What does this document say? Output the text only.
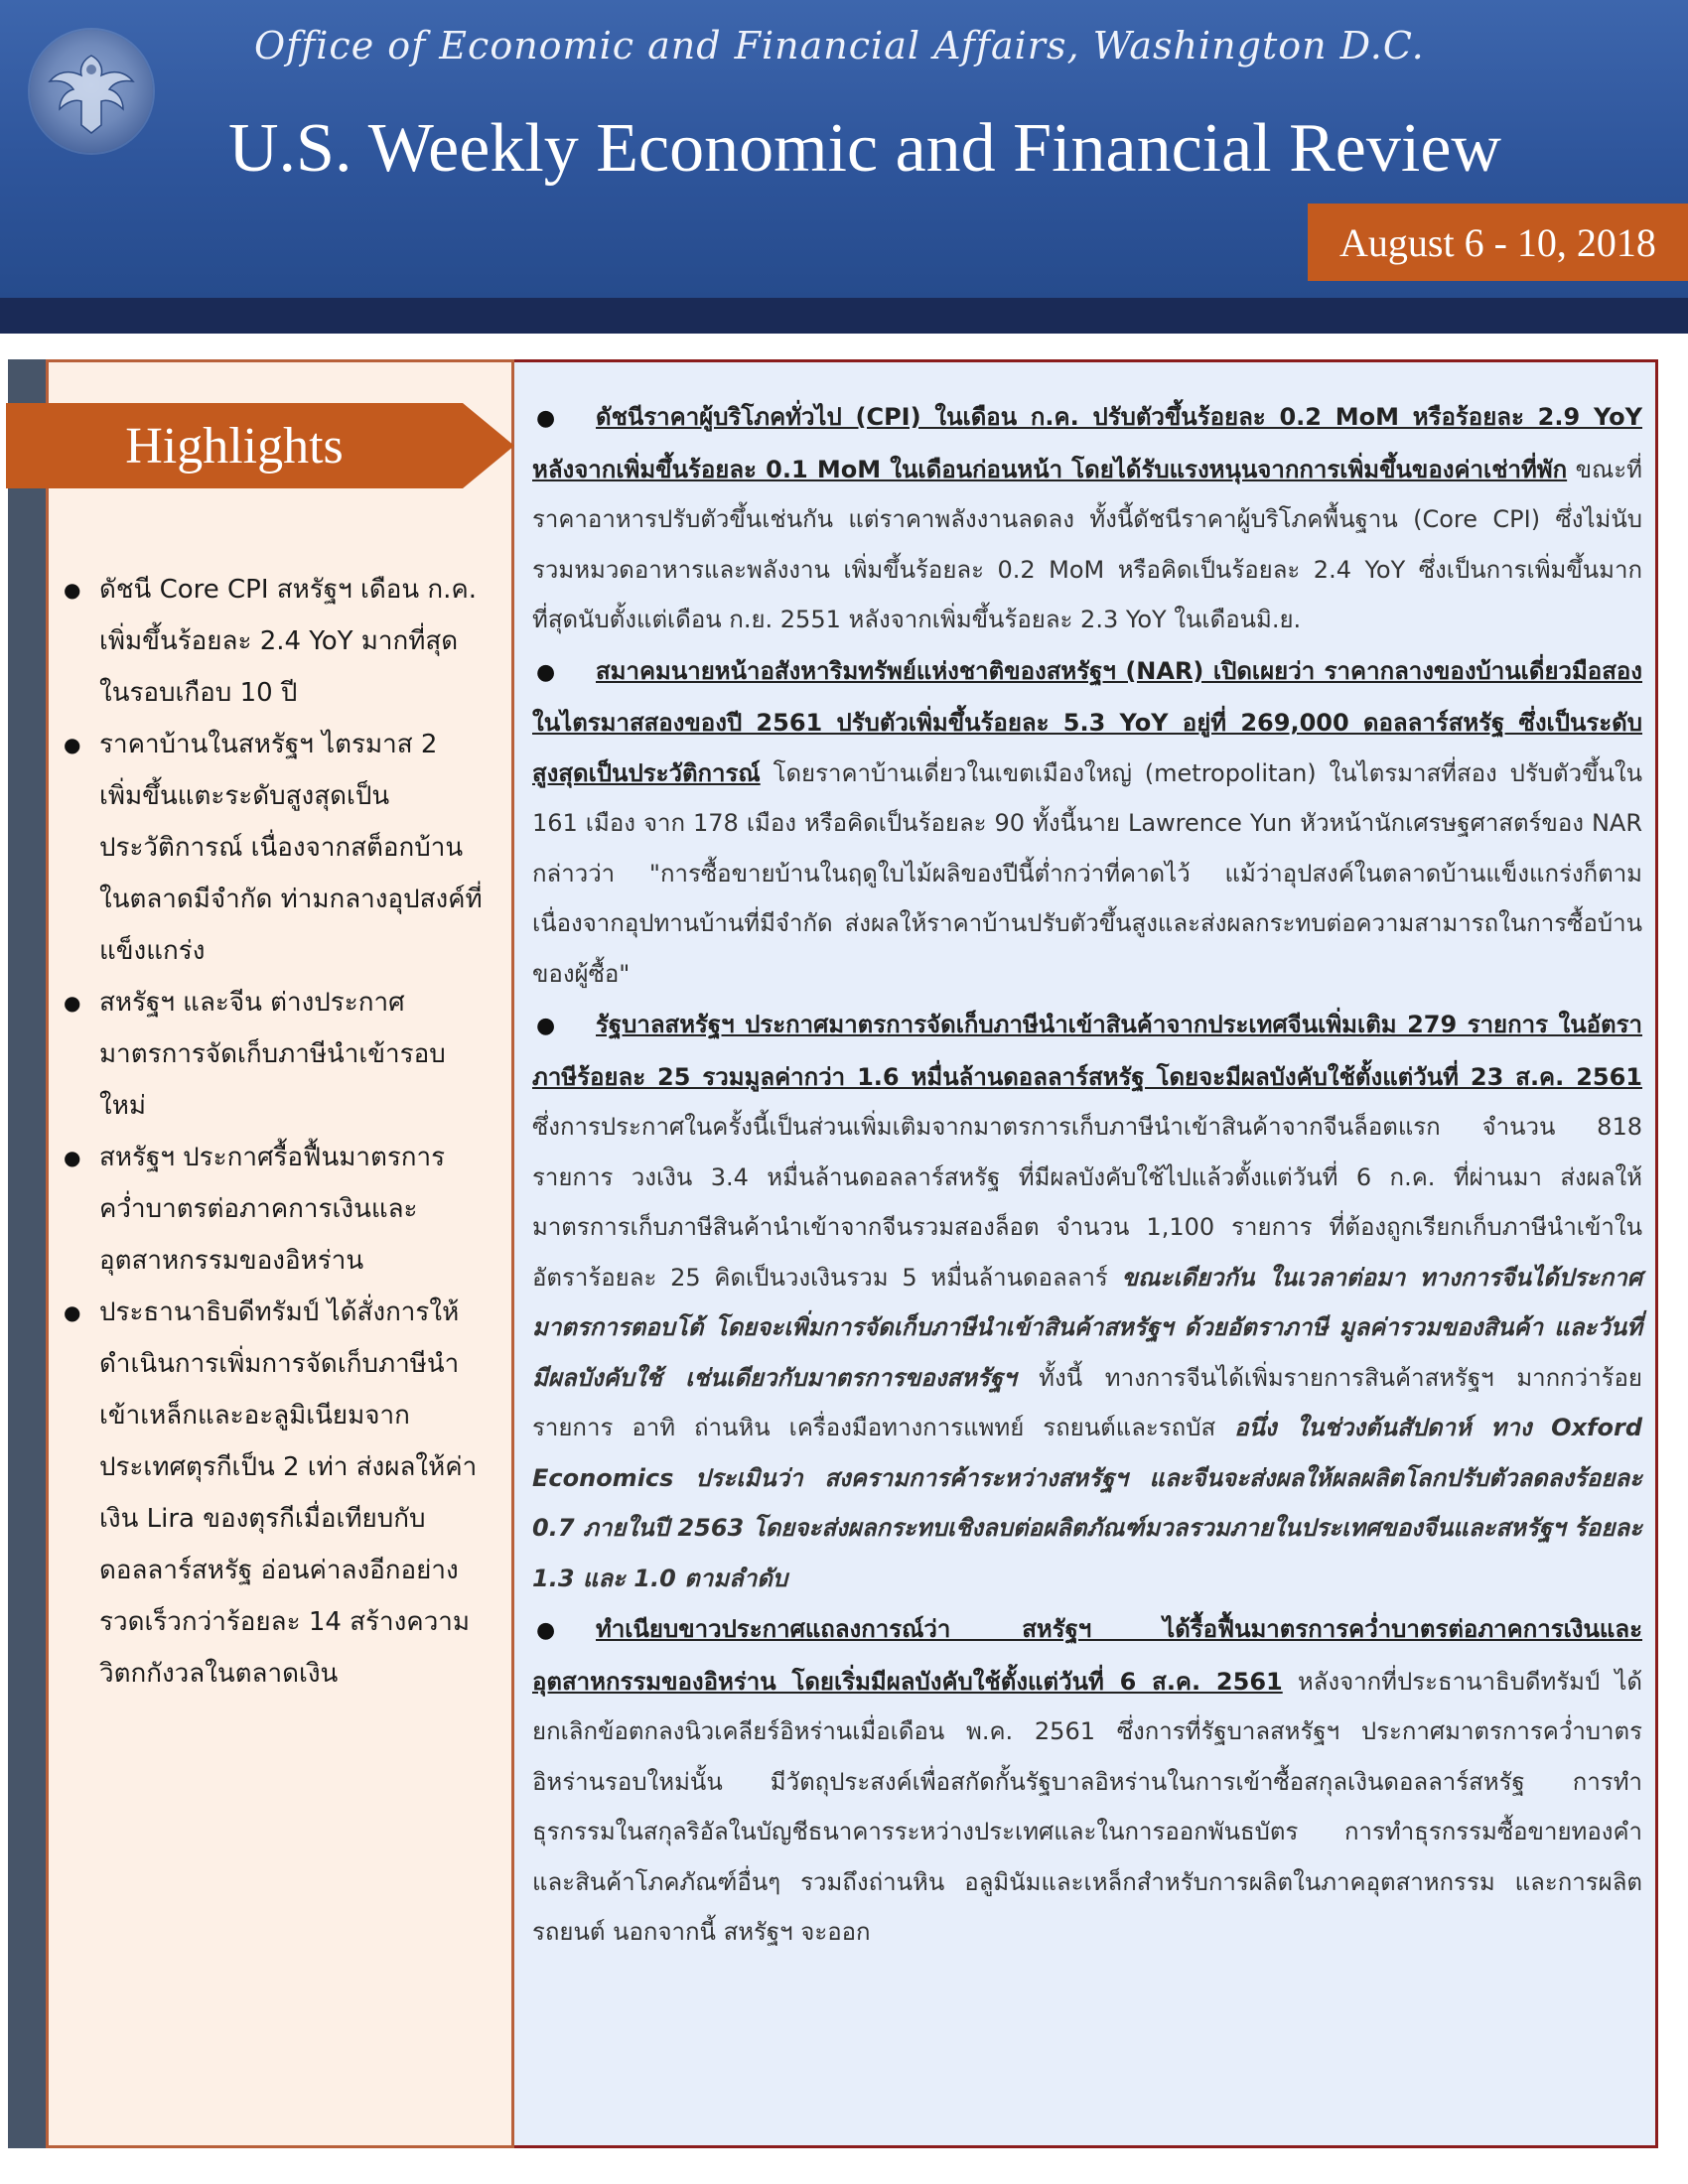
Office of Economic and Financial Affairs, Washington D.C.
U.S. Weekly Economic and Financial Review
August 6 - 10, 2018
Highlights
● ดัชนี Core CPI สหรัฐฯ เดือน ก.ค. เพิ่มขึ้นร้อยละ 2.4 YoY มากที่สุดในรอบเกือบ 10 ปี
● ราคาบ้านในสหรัฐฯ ไตรมาส 2 เพิ่มขึ้นแตะระดับสูงสุดเป็นประวัติการณ์ เนื่องจากสต็อกบ้านในตลาดมีจำกัด ท่ามกลางอุปสงค์ที่แข็งแกร่ง
● สหรัฐฯ และจีน ต่างประกาศมาตรการจัดเก็บภาษีนำเข้ารอบใหม่
● สหรัฐฯ ประกาศรื้อฟื้นมาตรการคว่ำบาตรต่อภาคการเงินและอุตสาหกรรมของอิหร่าน
● ประธานาธิบดีทรัมป์ ได้สั่งการให้ดำเนินการเพิ่มการจัดเก็บภาษีนำเข้าเหล็กและอะลูมิเนียมจากประเทศตุรกีเป็น 2 เท่า ส่งผลให้ค่าเงิน Lira ของตุรกีเมื่อเทียบกับดอลลาร์สหรัฐ อ่อนค่าลงอีกอย่างรวดเร็วกว่าร้อยละ 14 สร้างความวิตกกังวลในตลาดเงิน
● ดัชนีราคาผู้บริโภคทั่วไป (CPI) ในเดือน ก.ค. ปรับตัวขึ้นร้อยละ 0.2 MoM หรือร้อยละ 2.9 YoY หลังจากเพิ่มขึ้นร้อยละ 0.1 MoM ในเดือนก่อนหน้า โดยได้รับแรงหนุนจากการเพิ่มขึ้นของค่าเช่าที่พัก ขณะที่ราคาอาหารปรับตัวขึ้นเช่นกัน แต่ราคาพลังงานลดลง ทั้งนี้ดัชนีราคาผู้บริโภคพื้นฐาน (Core CPI) ซึ่งไม่นับรวมหมวดอาหารและพลังงาน เพิ่มขึ้นร้อยละ 0.2 MoM หรือคิดเป็นร้อยละ 2.4 YoY ซึ่งเป็นการเพิ่มขึ้นมากที่สุดนับตั้งแต่เดือน ก.ย. 2551 หลังจากเพิ่มขึ้นร้อยละ 2.3 YoY ในเดือนมิ.ย.
● สมาคมนายหน้าอสังหาริมทรัพย์แห่งชาติของสหรัฐฯ (NAR) เปิดเผยว่า ราคากลางของบ้านเดี่ยวมือสองในไตรมาสสองของปี 2561 ปรับตัวเพิ่มขึ้นร้อยละ 5.3 YoY อยู่ที่ 269,000 ดอลลาร์สหรัฐ ซึ่งเป็นระดับสูงสุดเป็นประวัติการณ์ โดยราคาบ้านเดี่ยวในเขตเมืองใหญ่ (metropolitan) ในไตรมาสที่สอง ปรับตัวขึ้นใน 161 เมือง จาก 178 เมือง หรือคิดเป็นร้อยละ 90 ทั้งนี้นาย Lawrence Yun หัวหน้านักเศรษฐศาสตร์ของ NAR กล่าวว่า "การซื้อขายบ้านในฤดูใบไม้ผลิของปีนี้ต่ำกว่าที่คาดไว้ แม้ว่าอุปสงค์ในตลาดบ้านแข็งแกร่งก็ตาม เนื่องจากอุปทานบ้านที่มีจำกัด ส่งผลให้ราคาบ้านปรับตัวขึ้นสูงและส่งผลกระทบต่อความสามารถในการซื้อบ้านของผู้ซื้อ"
● รัฐบาลสหรัฐฯ ประกาศมาตรการจัดเก็บภาษีนำเข้าสินค้าจากประเทศจีนเพิ่มเติม 279 รายการ ในอัตราภาษีร้อยละ 25 รวมมูลค่ากว่า 1.6 หมื่นล้านดอลลาร์สหรัฐ โดยจะมีผลบังคับใช้ตั้งแต่วันที่ 23 ส.ค. 2561 ซึ่งการประกาศในครั้งนี้เป็นส่วนเพิ่มเติมจากมาตรการเก็บภาษีนำเข้าสินค้าจากจีนล็อตแรก จำนวน 818 รายการ วงเงิน 3.4 หมื่นล้านดอลลาร์สหรัฐ ที่มีผลบังคับใช้ไปแล้วตั้งแต่วันที่ 6 ก.ค. ที่ผ่านมา ส่งผลให้มาตรการเก็บภาษีสินค้านำเข้าจากจีนรวมสองล็อต จำนวน 1,100 รายการ ที่ต้องถูกเรียกเก็บภาษีนำเข้าในอัตราร้อยละ 25 คิดเป็นวงเงินรวม 5 หมื่นล้านดอลลาร์ ขณะเดียวกัน ในเวลาต่อมา ทางการจีนได้ประกาศมาตรการตอบโต้ โดยจะเพิ่มการจัดเก็บภาษีนำเข้าสินค้าสหรัฐฯ ด้วยอัตราภาษี มูลค่ารวมของสินค้า และวันที่มีผลบังคับใช้ เช่นเดียวกับมาตรการของสหรัฐฯ ทั้งนี้ ทางการจีนได้เพิ่มรายการสินค้าสหรัฐฯ มากกว่าร้อยรายการ อาทิ ถ่านหิน เครื่องมือทางการแพทย์ รถยนต์และรถบัส อนึ่ง ในช่วงต้นสัปดาห์ ทาง Oxford Economics ประเมินว่า สงครามการค้าระหว่างสหรัฐฯ และจีนจะส่งผลให้ผลผลิตโลกปรับตัวลดลงร้อยละ 0.7 ภายในปี 2563 โดยจะส่งผลกระทบเชิงลบต่อผลิตภัณฑ์มวลรวมภายในประเทศของจีนและสหรัฐฯ ร้อยละ 1.3 และ 1.0 ตามลำดับ
● ทำเนียบขาวประกาศแถลงการณ์ว่า สหรัฐฯ ได้รื้อฟื้นมาตรการคว่ำบาตรต่อภาคการเงินและอุตสาหกรรมของอิหร่าน โดยเริ่มมีผลบังคับใช้ตั้งแต่วันที่ 6 ส.ค. 2561 หลังจากที่ประธานาธิบดีทรัมป์ ได้ยกเลิกข้อตกลงนิวเคลียร์อิหร่านเมื่อเดือน พ.ค. 2561 ซึ่งการที่รัฐบาลสหรัฐฯ ประกาศมาตรการคว่ำบาตรอิหร่านรอบใหม่นั้น มีวัตถุประสงค์เพื่อสกัดกั้นรัฐบาลอิหร่านในการเข้าซื้อสกุลเงินดอลลาร์สหรัฐ การทำธุรกรรมในสกุลริอัลในบัญชีธนาคารระหว่างประเทศและในการออกพันธบัตร การทำธุรกรรมซื้อขายทองคำ และสินค้าโภคภัณฑ์อื่นๆ รวมถึงถ่านหิน อลูมินัมและเหล็กสำหรับการผลิตในภาคอุตสาหกรรม และการผลิตรถยนต์ นอกจากนี้ สหรัฐฯ จะออก
